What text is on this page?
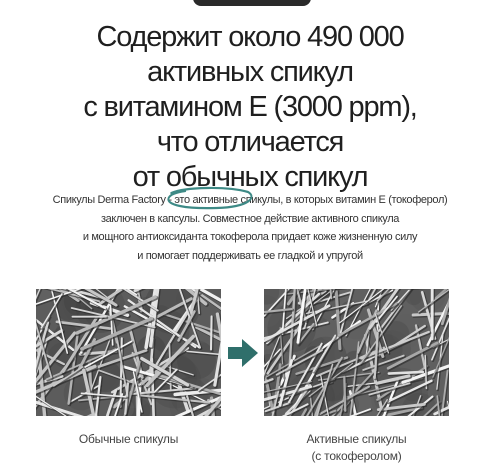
Содержит около 490 000
активных спикул
с витамином E (3000 ppm),
что отличается
от обычных спикул
Спикулы Derma Factory - это активные с
пикулы, в которых витамин E (токоферол)
заключен в капсулы. Совместное действие активного спикула
и мощного антиоксиданта токоферола придает коже жизненную силу
и помогает поддерживать ее гладкой и упругой
Обычные спикулы	Активные спикулы
(с токоферолом)
